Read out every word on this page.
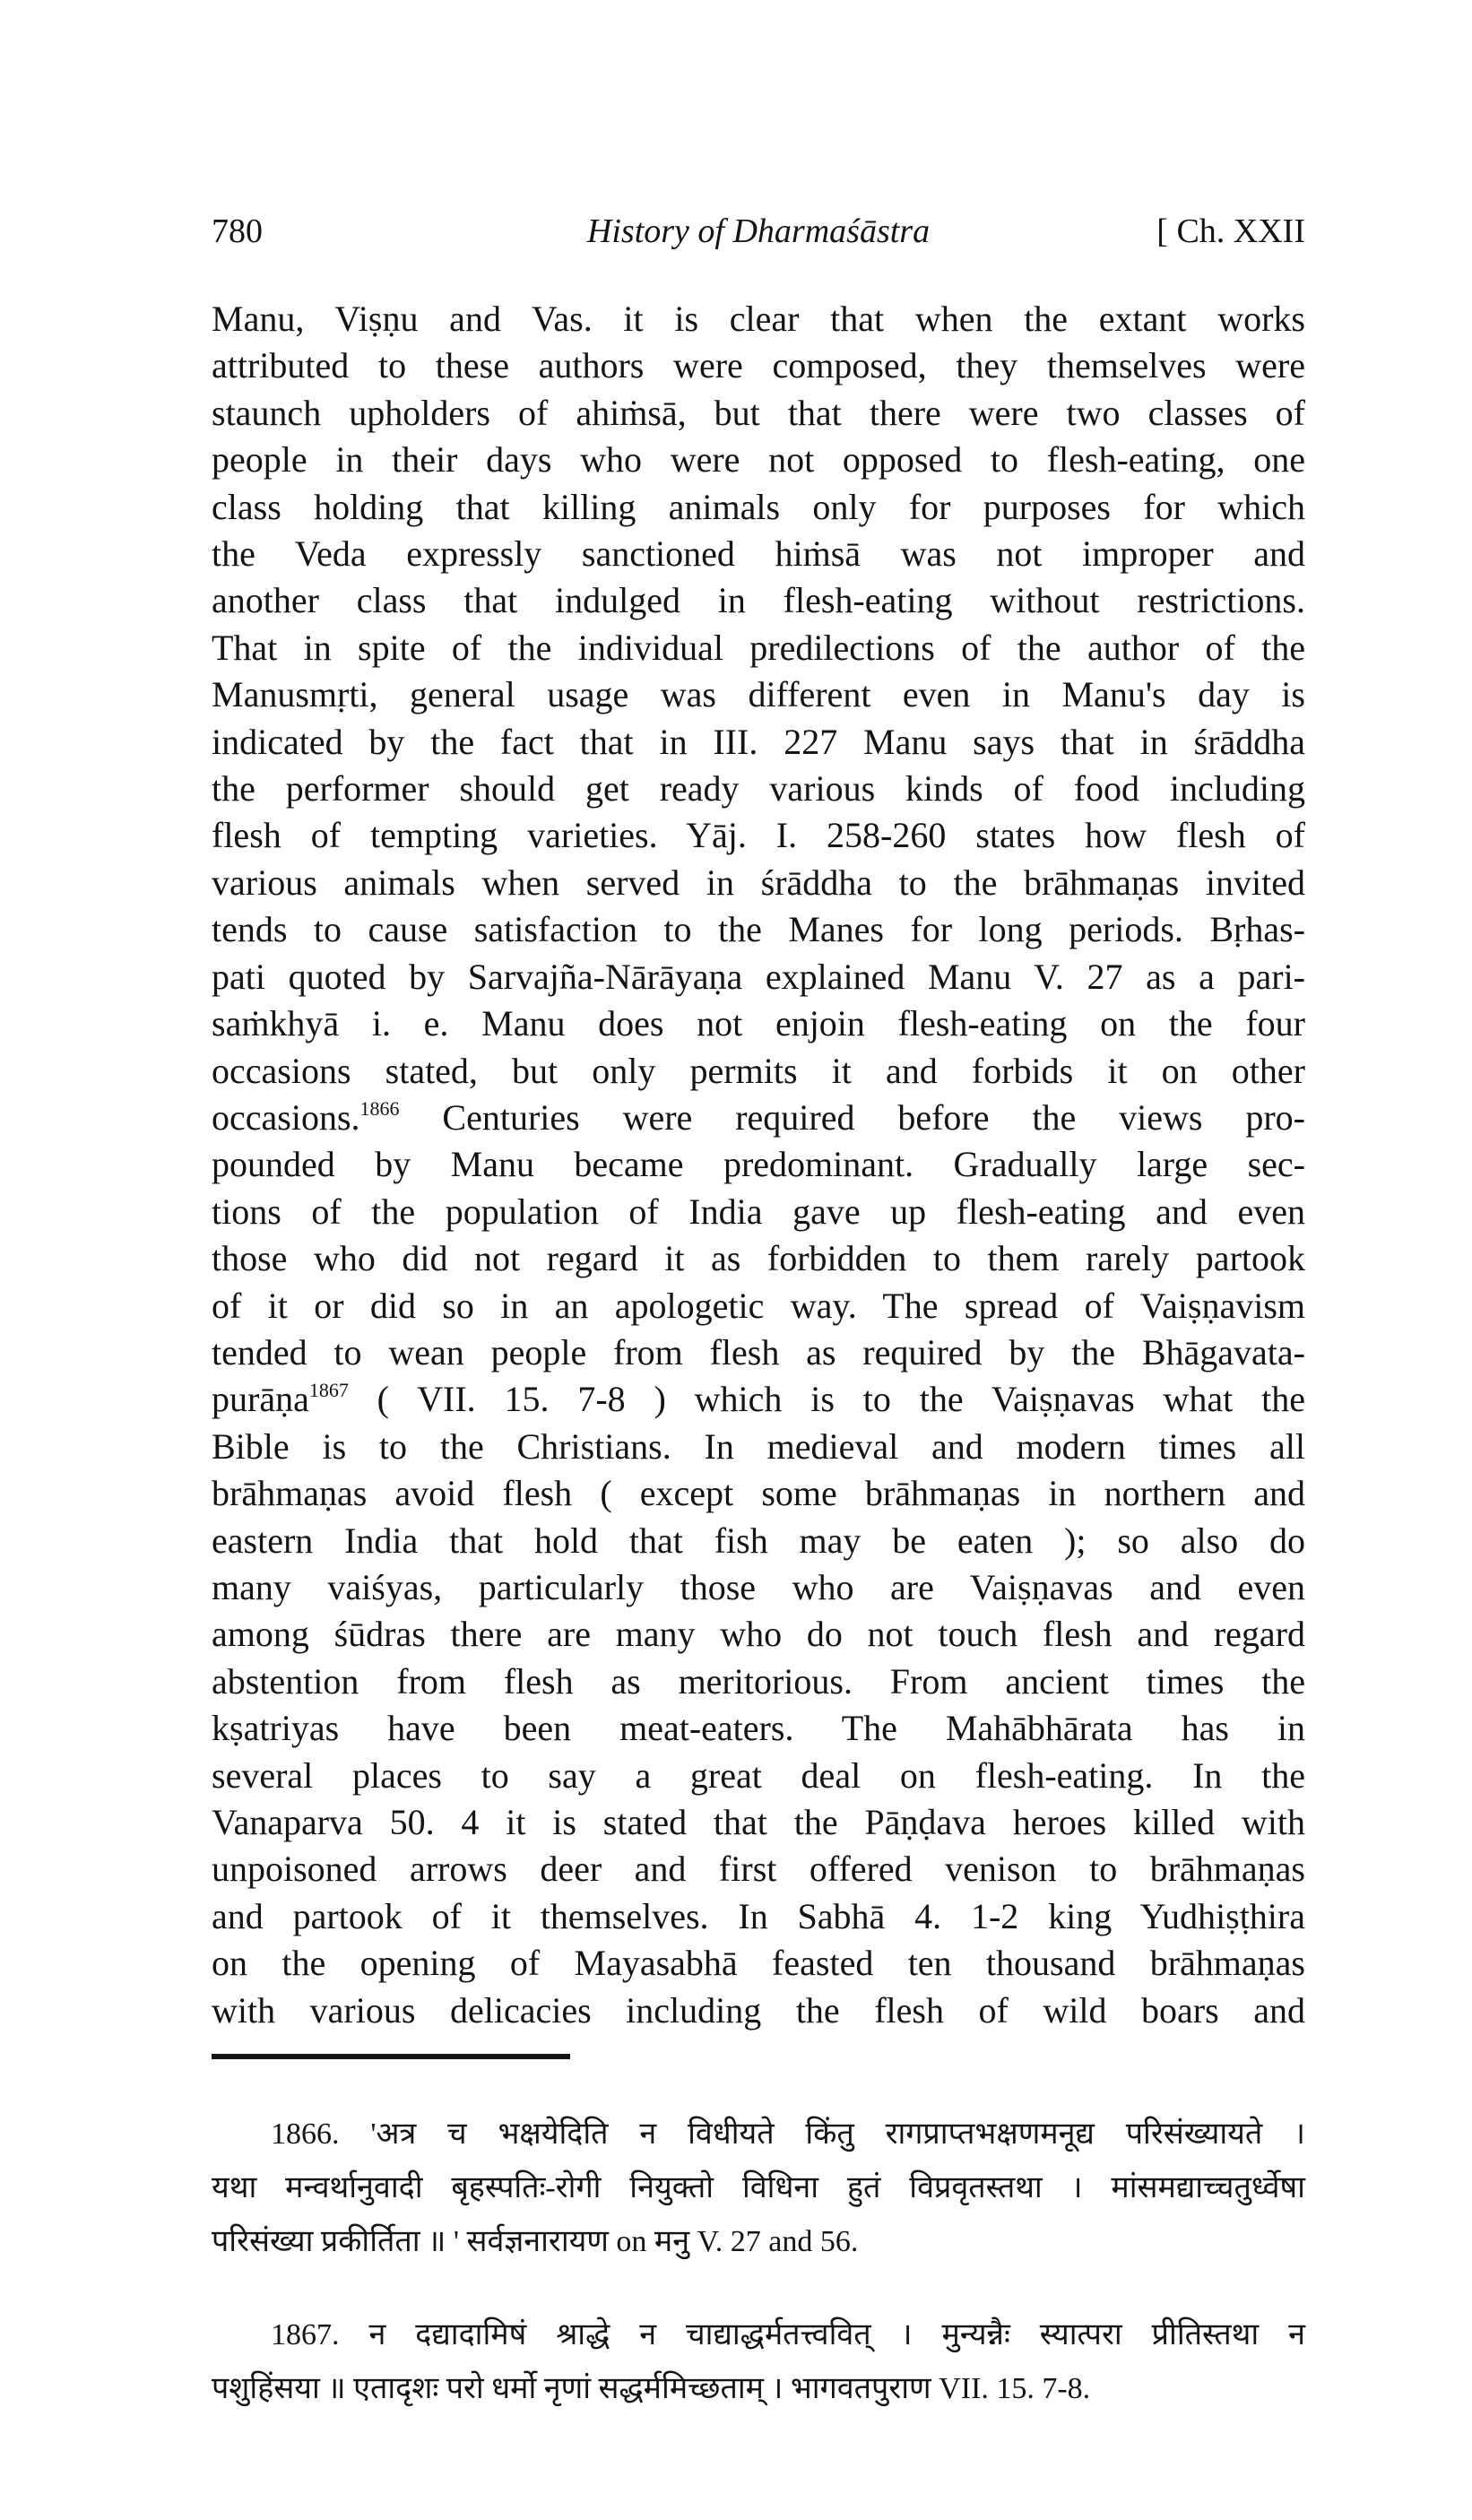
780	History of Dharmaśāstra	[ Ch. XXII
Manu, Viṣṇu and Vas. it is clear that when the extant works
attributed to these authors were composed, they themselves were
staunch upholders of ahiṁsā, but that there were two classes of
people in their days who were not opposed to flesh-eating, one
class holding that killing animals only for purposes for which
the Veda expressly sanctioned hiṁsā was not improper and
another class that indulged in flesh-eating without restrictions.
That in spite of the individual predilections of the author of the
Manusmṛti, general usage was different even in Manu's day is
indicated by the fact that in III. 227 Manu says that in śrāddha
the performer should get ready various kinds of food including
flesh of tempting varieties. Yāj. I. 258-260 states how flesh of
various animals when served in śrāddha to the brāhmaṇas invited
tends to cause satisfaction to the Manes for long periods. Bṛhas-
pati quoted by Sarvajña-Nārāyaṇa explained Manu V. 27 as a pari-
saṁkhyā i. e. Manu does not enjoin flesh-eating on the four
occasions stated, but only permits it and forbids it on other
occasions.$^{1866}$ Centuries were required before the views pro-
pounded by Manu became predominant. Gradually large sec-
tions of the population of India gave up flesh-eating and even
those who did not regard it as forbidden to them rarely partook
of it or did so in an apologetic way. The spread of Vaiṣṇavism
tended to wean people from flesh as required by the Bhāgavata-
purāṇa$^{1867}$ ( VII. 15. 7-8 ) which is to the Vaiṣṇavas what the
Bible is to the Christians. In medieval and modern times all
brāhmaṇas avoid flesh ( except some brāhmaṇas in northern and
eastern India that hold that fish may be eaten ); so also do
many vaiśyas, particularly those who are Vaiṣṇavas and even
among śūdras there are many who do not touch flesh and regard
abstention from flesh as meritorious. From ancient times the
kṣatriyas have been meat-eaters. The Mahābhārata has in
several places to say a great deal on flesh-eating. In the
Vanaparva 50. 4 it is stated that the Pāṇḍava heroes killed with
unpoisoned arrows deer and first offered venison to brāhmaṇas
and partook of it themselves. In Sabhā 4. 1-2 king Yudhiṣṭhira
on the opening of Mayasabhā feasted ten thousand brāhmaṇas
with various delicacies including the flesh of wild boars and
1866. 'अत्र च भक्षयेदिति न विधीयते किंतु रागप्राप्तभक्षणमनूद्य परिसंख्यायते ।
यथा मन्वर्थानुवादी बृहस्पतिः-रोगी नियुक्तो विधिना हुतं विप्रवृतस्तथा । मांसमद्याच्चतुर्ध्वेषा
परिसंख्या प्रकीर्तिता ॥ ' सर्वज्ञनारायण on मनु V. 27 and 56.
1867. न दद्यादामिषं श्राद्धे न चाद्याद्धर्मतत्त्ववित् । मुन्यन्नैः स्यात्परा प्रीतिस्तथा न
पशुहिंसया ॥ एतादृशः परो धर्मो नृणां सद्धर्ममिच्छताम् । भागवतपुराण VII. 15. 7-8.
